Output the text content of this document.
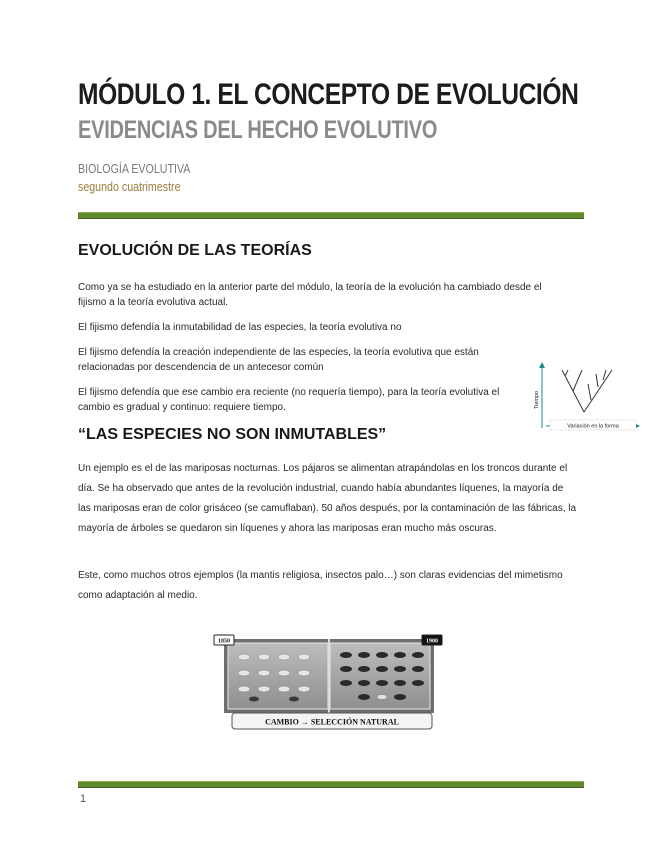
MÓDULO 1. EL CONCEPTO DE EVOLUCIÓN
EVIDENCIAS DEL HECHO EVOLUTIVO
BIOLOGÍA EVOLUTIVA
segundo cuatrimestre
EVOLUCIÓN DE LAS TEORÍAS

Como ya se ha estudiado en la anterior parte del módulo, la teoría de la evolución ha cambiado desde el fijismo a la teoría evolutiva actual.

El fijismo defendía la inmutabilidad de las especies, la teoría evolutiva no

El fijismo defendía la creación independiente de las especies, la teoría evolutiva que están relacionadas por descendencia de un antecesor común

El fijismo defendía que ese cambio era reciente (no requería tiempo), para la teoría evolutiva el cambio es gradual y continuo: requiere tiempo.

Variación en la forma
Tiempo
“LAS ESPECIES NO SON INMUTABLES”

Un ejemplo es el de las mariposas nocturnas. Los pájaros se alimentan atrapándolas en los troncos durante el día. Se ha observado que antes de la revolución industrial, cuando había abundantes líquenes, la mayoría de las mariposas eran de color grisáceo (se camuflaban). 50 años después, por la contaminación de las fábricas, la mayoría de árboles se quedaron sin líquenes y ahora las mariposas eran mucho más oscuras.

Este, como muchos otros ejemplos (la mantis religiosa, insectos palo…) son claras evidencias del mimetismo como adaptación al medio.

1850	1900
CAMBIO → SELECCIÓN NATURAL
1
